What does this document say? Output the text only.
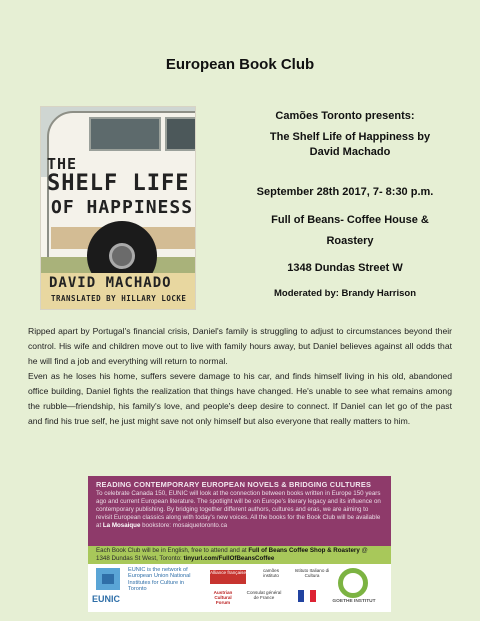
European Book Club
THE
SHELF LIFE
OF HAPPINESS
DAVID MACHADO
TRANSLATED BY HILLARY LOCKE
Camões Toronto presents:
The Shelf Life of Happiness by
David Machado
September 28th 2017, 7- 8:30 p.m.
Full of Beans- Coffee House &
Roastery
1348 Dundas Street W
Moderated by: Brandy Harrison

Ripped apart by Portugal's financial crisis, Daniel's family is struggling to adjust to circumstances beyond their control. His wife and children move out to live with family hours away, but Daniel believes against all odds that he will find a job and everything will return to normal.

Even as he loses his home, suffers severe damage to his car, and finds himself living in his old, abandoned office building, Daniel fights the realization that things have changed. He's unable to see what remains among the rubble—friendship, his family's love, and people's deep desire to connect. If Daniel can let go of the past and find his true self, he just might save not only himself but also everyone that really matters to him.

READING CONTEMPORARY EUROPEAN NOVELS & BRIDGING CULTURES
To celebrate Canada 150, EUNIC will look at the connection between books written in Europe 150 years ago and current European literature. The spotlight will be on Europe's literary legacy and its influence on contemporary publishing. By bridging together different authors, cultures and eras, we are aiming to revisit European classics along with today's new voices. All the books for the Book Club will be available at La Mosaique bookstore: mosaiquetoronto.ca
Each Book Club will be in English, free to attend and at Full of Beans Coffee Shop & Roastery @ 1348 Dundas St West, Toronto: tinyurl.com/FullOfBeansCoffee
EUNIC
EUNIC is the network of European Union National Institutes for Culture in Toronto
Alliance française	camões instituto
Istituto Italiano di Cultura
Austrian Cultural Forum
Consulat général de France
GOETHE INSTITUT
